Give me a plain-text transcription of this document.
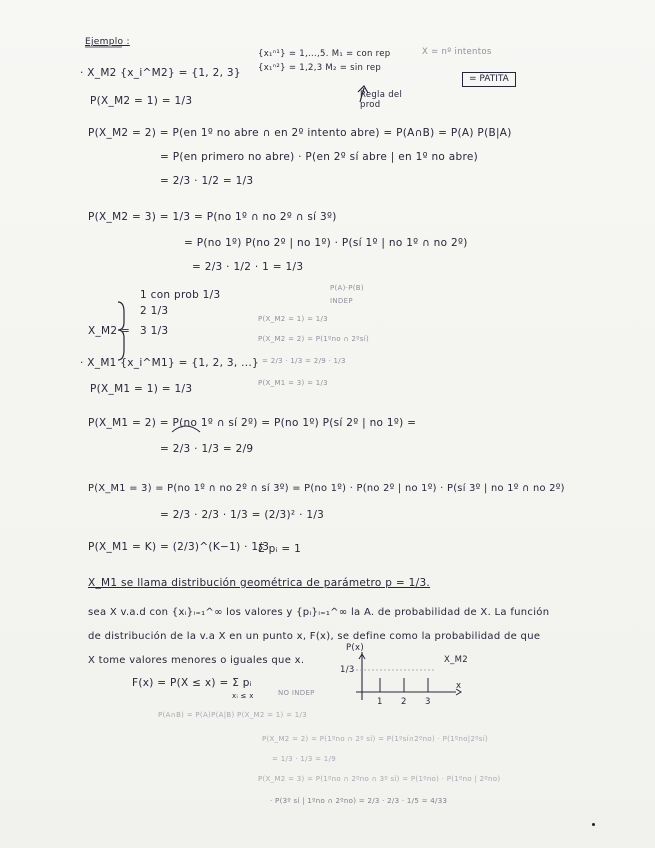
Ejemplo :
{x₁ⁿ¹} = 1,...,5. M₁ = con rep	X = nº intentos
{x₁ⁿ²} = 1,2,3 M₂ = sin rep
= PATITA
· X_M2 {x_i^M2} = {1, 2, 3}
Regla del prod
P(X_M2 = 1) = 1/3
P(X_M2 = 2) = P(en 1º no abre ∩ en 2º intento abre) = P(A∩B) = P(A) P(B|A)
= P(en primero no abre) · P(en 2º sí abre | en 1º no abre)
= 2/3 · 1/2 = 1/3
P(X_M2 = 3) = 1/3 = P(no 1º ∩ no 2º ∩ sí 3º)
= P(no 1º) P(no 2º | no 1º) · P(sí 1º | no 1º ∩ no 2º)
= 2/3 · 1/2 · 1 = 1/3
X_M2 =
1 con prob 1/3
2 1/3
3 1/3
P(A)·P(B)
INDEP
P(X_M2 = 1) = 1/3
P(X_M2 = 2) = P(1ºno ∩ 2ºsí)
= 2/3 · 1/3 = 2/9 · 1/3
P(X_M1 = 3) = 1/3
· X_M1 {x_i^M1} = {1, 2, 3, ...}
P(X_M1 = 1) = 1/3
P(X_M1 = 2) = P(no 1º ∩ sí 2º) = P(no 1º) P(sí 2º | no 1º) =
= 2/3 · 1/3 = 2/9
P(X_M1 = 3) = P(no 1º ∩ no 2º ∩ sí 3º) = P(no 1º) · P(no 2º | no 1º) · P(sí 3º | no 1º ∩ no 2º)
= 2/3 · 2/3 · 1/3 = (2/3)² · 1/3
P(X_M1 = K) = (2/3)^(K−1) · 1/3
Σ pᵢ = 1
X_M1 se llama distribución geométrica de parámetro p = 1/3.
sea X v.a.d con {xᵢ}ᵢ₌₁^∞ los valores y {pᵢ}ᵢ₌₁^∞ la A. de probabilidad de X. La función
de distribución de la v.a X en un punto x, F(x), se define como la probabilidad de que
X tome valores menores o iguales que x.
F(x) = P(X ≤ x) = Σ pᵢ
xᵢ ≤ x	NO INDEP
P(x)
1/3
X_M2
x
1 2 3
P(A∩B) = P(A)P(A|B) P(X_M2 = 1) = 1/3
P(X_M2 = 2) = P(1ºno ∩ 2º sí) = P(1ºsí∩2ºno) · P(1ºno|2ºsí)
= 1/3 · 1/3 = 1/9
P(X_M2 = 3) = P(1ºno ∩ 2ºno ∩ 3º sí) = P(1ºno) · P(1ºno | 2ºno)
· P(3º sí | 1ºno ∩ 2ºno) = 2/3 · 2/3 · 1/5 = 4/33
